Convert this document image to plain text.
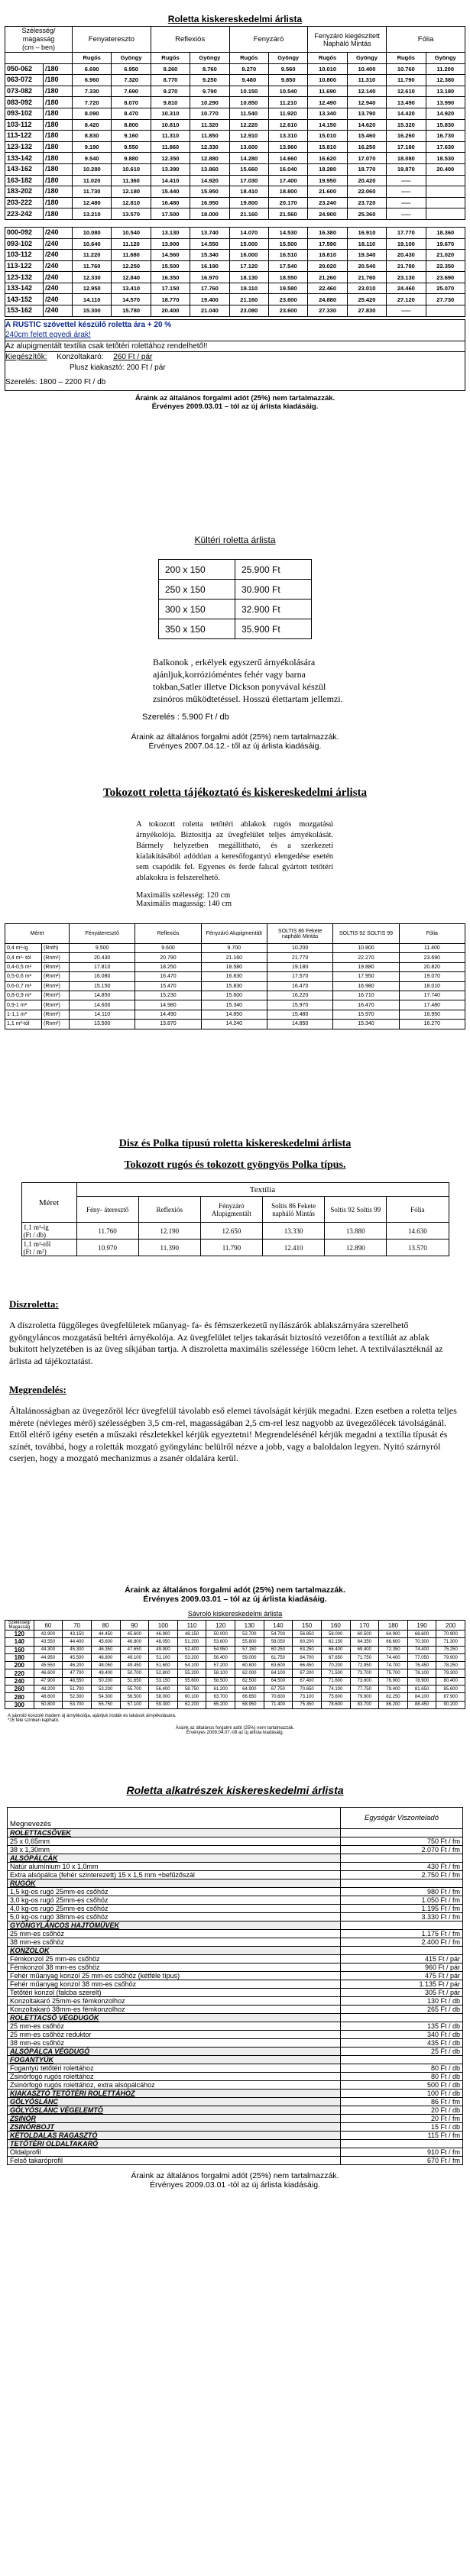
Roletta kiskereskedelmi árlista
Szélesség/ magasság
(cm – ben)		Fenyatereszto		Reflexiós		Fenyzáró		Fenyzáró kiegészített Napháló Mintás		Fólia	
		Rugós	Gyöngy	Rugós	Gyöngy	Rugós	Gyöngy	Rugós	Gyöngy	Rugós	Gyöngy
050-062	/180	6.690	6.950	8.260	8.760	8.270	9.560	10.010	10.400	10.760	11.200
063-072	/180	6.960	7.320	8.770	9.250	9.480	9.850	10.800	11.310	11.790	12.380
073-082	/180	7.330	7.690	9.270	9.790	10.150	10.540	11.690	12.140	12.610	13.180
083-092	/180	7.720	8.070	9.810	10.290	10.850	11.210	12.490	12.940	13.490	13.990
093-102	/180	8.090	8.470	10.310	10.770	11.540	11.920	13.340	13.790	14.420	14.920
103-112	/180	8.420	8.800	10.810	11.320	12.220	12.610	14.150	14.620	15.320	15.830
113-122	/180	8.830	9.160	11.310	11.850	12.910	13.310	15.010	15.460	16.260	16.730
123-132	/180	9.190	9.550	11.860	12.330	13.600	13.960	15.810	16.250	17.180	17.630
133-142	/180	9.540	9.880	12.350	12.880	14.280	14.660	16.620	17.070	18.080	18.530
143-162	/180	10.280	10.610	13.390	13.860	15.660	16.040	18.280	18.770	19.870	20.400
163-182	/180	11.020	11.360	14.410	14.920	17.030	17.400	19.950	20.420	-----	
183-202	/180	11.730	12.180	15.440	15.950	18.410	18.800	21.600	22.060	-----	
203-222	/180	12.480	12.810	16.480	16.950	19.800	20.170	23.240	23.720	-----	
223-242	/180	13.210	13.570	17.500	18.000	21.160	21.560	24.900	25.360	-----	

000-092	/240	10.080	10.540	13.130	13.740	14.070	14.530	16.380	16.910	17.770	18.360
093-102	/240	10.640	11.120	13.900	14.550	15.000	15.500	17.590	18.110	19.100	19.670
103-112	/240	11.220	11.680	14.560	15.340	16.000	16.510	18.810	19.340	20.430	21.020
113-122	/240	11.760	12.250	15.500	16.190	17.120	17.540	20.020	20.540	21.780	22.350
123-132	/240	12.330	12.840	16.350	16.970	18.130	18.550	21.260	21.760	23.130	23.690
133-142	/240	12.950	13.410	17.150	17.760	19.110	19.580	22.460	23.010	24.460	25.070
143-152	/240	14.110	14.570	18.770	19.400	21.160	23.600	24.880	25.420	27.120	27.730
153-162	/240	15.300	15.780	20.400	21.040	23.080	23.600	27.330	27.830	-----	
A RUSTIC szövettel készülő roletta ára + 20 %
240cm felett egyedi árak!
Az alupigmentált textília csak tetőtéri rolettához rendelhető!!
Kiegészítők: Konzoltakaró: 260 Ft / pár
Plusz kiakasztó: 200 Ft / pár
Szerelés: 1800 – 2200 Ft / db
Áraink az általános forgalmi adót (25%) nem tartalmazzák.
Érvényes 2009.03.01 – tól az új árlista kiadásáig.
Kültéri roletta árlista
200 x 150	25.900 Ft
250 x 150	30.900 Ft
300 x 150	32.900 Ft
350 x 150	35.900 Ft
Balkonok , erkélyek egyszerű árnyékolására ajánljuk,korrózióméntes fehér vagy barna tokban,Satler illetve Dickson ponyvával készül zsinóros működtetéssel. Hosszú élettartam jellemzi.
Szerelés : 5.900 Ft / db
Áraink az általános forgalmi adót (25%) nem tartalmazzák.
Érvényes 2007.04.12.- től az új árlista kiadásáig.
Tokozott roletta tájékoztató és kiskereskedelmi árlista
A tokozott roletta tetőtéri ablakok rugós mozgatású árnyékolója. Biztosítja az üvegfelület teljes árnyékolását. Bármely helyzetben megállítható, és a szerkezeti kialakításából adódóan a keresőfogantyú elengedése esetén sem csapódik fel. Egyenes és ferde falıcal gyártott tetőtéri ablakokra is felszerelhető.
Maximális szélesség: 120 cm
Maximális magasság: 140 cm
Méret		Fényáteresztő	Reflexiós	Fényzáró Alupigmentált	SOLTIS 86 Fekete napháló Mintás	SOLTIS 92 SOLTIS 99	Fólia
0,4 m²-ig	(Rnth)	9.500	9.600	9.700	10.200	10.800	11.400
0,4 m²- tól	(Rnm²)	20.430	20.790	21.160	21.770	22.270	23.690
0,4-0,5 m²	(Rnm²)	17.810	18.250	18.580	19.180	19.880	20.820
0,5-0,6 m²	(Rnm²)	16.080	16.470	16.830	17.570	17.950	19.070
0,6-0,7 m²	(Rnm²)	15.150	15.470	15.830	16.470	16.980	18.010
0,8-0,9 m²	(Rnm²)	14.850	15.230	15.600	16.220	16.710	17.740
0,9-1 m²	(Rnm²)	14.600	14.980	15.340	15.970	16.470	17.480
1-1,1 m²	(Rnm²)	14.110	14.490	14.850	15.480	15.970	16.950
1,1 m²-tól	(Rnm²)	13.500	13.870	14.240	14.850	15.340	16.270
Disz és Polka típusú roletta kiskereskedelmi árlista
Tokozott rugós és tokozott gyöngyös Polka típus.
Méret	Textília					
	Fény- áteresztő	Reflexiós	Fényzáró Alupigmentált	Soltis 86 Fekete napháló Mintás	Soltis 92 Soltis 99	Fólia

1,1 m²-ig
(Ft / db)	11.760	12.190	12.650	13.330	13.880	14.630

1,1 m²-től
(Ft / m²)	10.970	11.390	11.790	12.410	12.890	13.570
Diszroletta:
A diszroletta függőleges üvegfelületek műanyag- fa- és fémszerkezetű nyílászárók ablakszárnyára szerelhető gyöngyláncos mozgatású beltéri árnyékolója. Az üvegfelület teljes takarását biztosító vezetőfon a textíliát az ablak bukitott helyzetében is az üveg síkjában tartja. A diszroletta maximális szélessége 160cm lehet. A textilválasztéknál az árlista ad tájékoztatást.
Megrendelés:
Általánosságban az üvegezőröl lécr üvegfelül távolabb eső elemei távolságát kérjük megadni. Ezen esetben a roletta teljes mérete (névleges mérő) szélességben 3,5 cm-rel, magasságában 2,5 cm-rel lesz nagyobb az üvegezőlécek távolságánál. Ettől eltérő igény esetén a műszaki részletekkel kérjük egyeztetni! Megrendelésénél kérjük megadni a textília típusát és színét, továbbá, hogy a roletták mozgató gyöngylánc belülről nézve a jobb, vagy a baloldalon legyen. Nyitó szárnyról cserjen, hogy a mozgató mechanizmus a zsanér oldalára kerül.
Áraink az általános forgalmi adót (25%) nem tartalmazzák.
Érvényes 2009.03.01 – tól az új árlista kiadásáig.
Sávroló kiskereskedelmi árlista
Szélesség/ Magasság	60	70	80	90	100	110	120	130	140	150	160	170	180	190	200
120	42.900	43.150	44.450	45.600	46.900	48.150	50.000	52.700	54.700	56.850	58.000	60.500	64.900	68.600	70.900
140	43.550	44.400	45.600	46.800	48.050	51.200	53.600	55.800	58.050	60.200	62.150	64.350	66.600	70.300	71.300
160	44.300	45.300	46.350	47.650	49.900	52.400	54.950	57.150	60.250	63.250	66.400	69.400	72.350	74.400	75.250
180	44.950	45.500	46.800	49.100	51.100	53.200	56.400	59.000	61.750	64.700	67.650	71.750	74.400	77.050	79.900
200	45.550	46.200	48.050	49.450	51.600	54.100	57.200	60.800	63.600	66.450	70.200	72.950	74.700	76.450	78.250
220	46.600	47.700	49.400	50.700	52.800	55.200	58.100	62.000	64.100	67.200	71.500	73.700	75.700	78.100	79.300
240	47.900	48.550	50.200	51.650	53.150	55.600	58.500	62.500	64.500	67.400	71.600	73.600	76.900	78.900	80.400
260	48.200	51.700	53.200	55.700	56.400	58.750	61.200	64.900	67.750	70.650	74.100	77.750	79.400	81.650	85.600
280	48.600	52.300	54.300	56.500	58.000	60.100	63.700	66.650	70.600	73.100	75.600	79.900	82.250	84.100	87.900
300	50.800	53.700	55.750	57.100	59.300	62.200	65.200	68.950	71.400	75.350	78.600	83.700	86.200	88.450	90.200
A sávroló konzolé modern új árnyékolója, ajánljuk irodák és lakások árnyékolására.
*15 féle színben kapható.
Áraink az általános forgalmi adót (25%) nem tartalmazzák.
Érvényes 2009.04.07.-től az új árlista kiadásáig.
Roletta alkatrészek kiskereskedelmi árlista
Megnevezés	Egységár Viszonteladó
ROLETTACSÖVEK	
25 x 0,65mm	750 Ft / fm
38 x 1,30mm	2.070 Ft / fm
ALSÓPÁLCÁK	
Natúr alumínium 10 x 1,0mm	430 Ft / fm
Extra alsópálca (fehér szinterezett) 15 x 1,5 mm +befűzőszál	2.750 Ft / fm
RUGÓK	
1,5 kg-os rugó 25mm-es csőhöz	980 Ft / fm
3,0 kg-os rugó 25mm-es csőhöz	1.050 Ft / fm
4,0 kg-os rugó 25mm-es csőhöz	1.195 Ft / fm
5,0 kg-os rugó 38mm-es csőhöz	3.330 Ft / fm
GYÖNGYLÁNCOS HAJTÓMŰVEK	
25 mm-es csőhöz	1.175 Ft / fm
38 mm-es csőhöz	2.400 Ft / fm
KONZOLOK	
Fémkonzol 25 mm-es csőhöz	415 Ft / pár
Fémkonzol 38 mm-es csőhöz	960 Ft / pár
Fehér műanyag konzol 25 mm-es csőhöz (kétféle típus)	475 Ft / pár
Fehér műanyag konzol 38 mm-es csőhöz	1.135 Ft / pár
Tetőtéri konzol (falcba szerelt)	305 Ft / pár
Konzoltakaró 25mm-es fémkonzolhoz	130 Ft / db
Konzoltakaró 38mm-es fémkonzolhoz	265 Ft / db
ROLETTACSŐ VÉGDUGÓK	
25 mm-es csőhöz	135 Ft / db
25 mm-es csőhöz reduktor	340 Ft / db
38 mm-es csőhöz	435 Ft / db
ALSÓPÁLCA VÉGDUGÓ	25 Ft / db
FOGANTYÚK	
Fogantyú tetőtéri rolettához	80 Ft / db
Zsinórfogó rugós rolettához	80 Ft / db
Zsinórfogó rugós rolettához, extra alsópálcához	500 Ft / db
KIAKASZTÓ TETŐTÉRI ROLETTÁHOZ	100 Ft / db
GÖLYÓSLÁNC	86 Ft / fm
GÖLYÓSLÁNC VÉGELEMTÖ	20 Ft / db
ZSINÓR	20 Ft / fm
ZSINÓRBOJT	15 Ft / db
KÉTOLDALAS RAGASZTÓ	115 Ft / fm
TETŐTÉRI OLDALTAKARÓ	
Oldalprofil	910 Ft / fm
Felső takaróprofil	670 Ft / fm
Áraink az általános forgalmi adót (25%) nem tartalmazzák.
Érvényes 2009.03.01 -tól az új árlista kiadásáig.
